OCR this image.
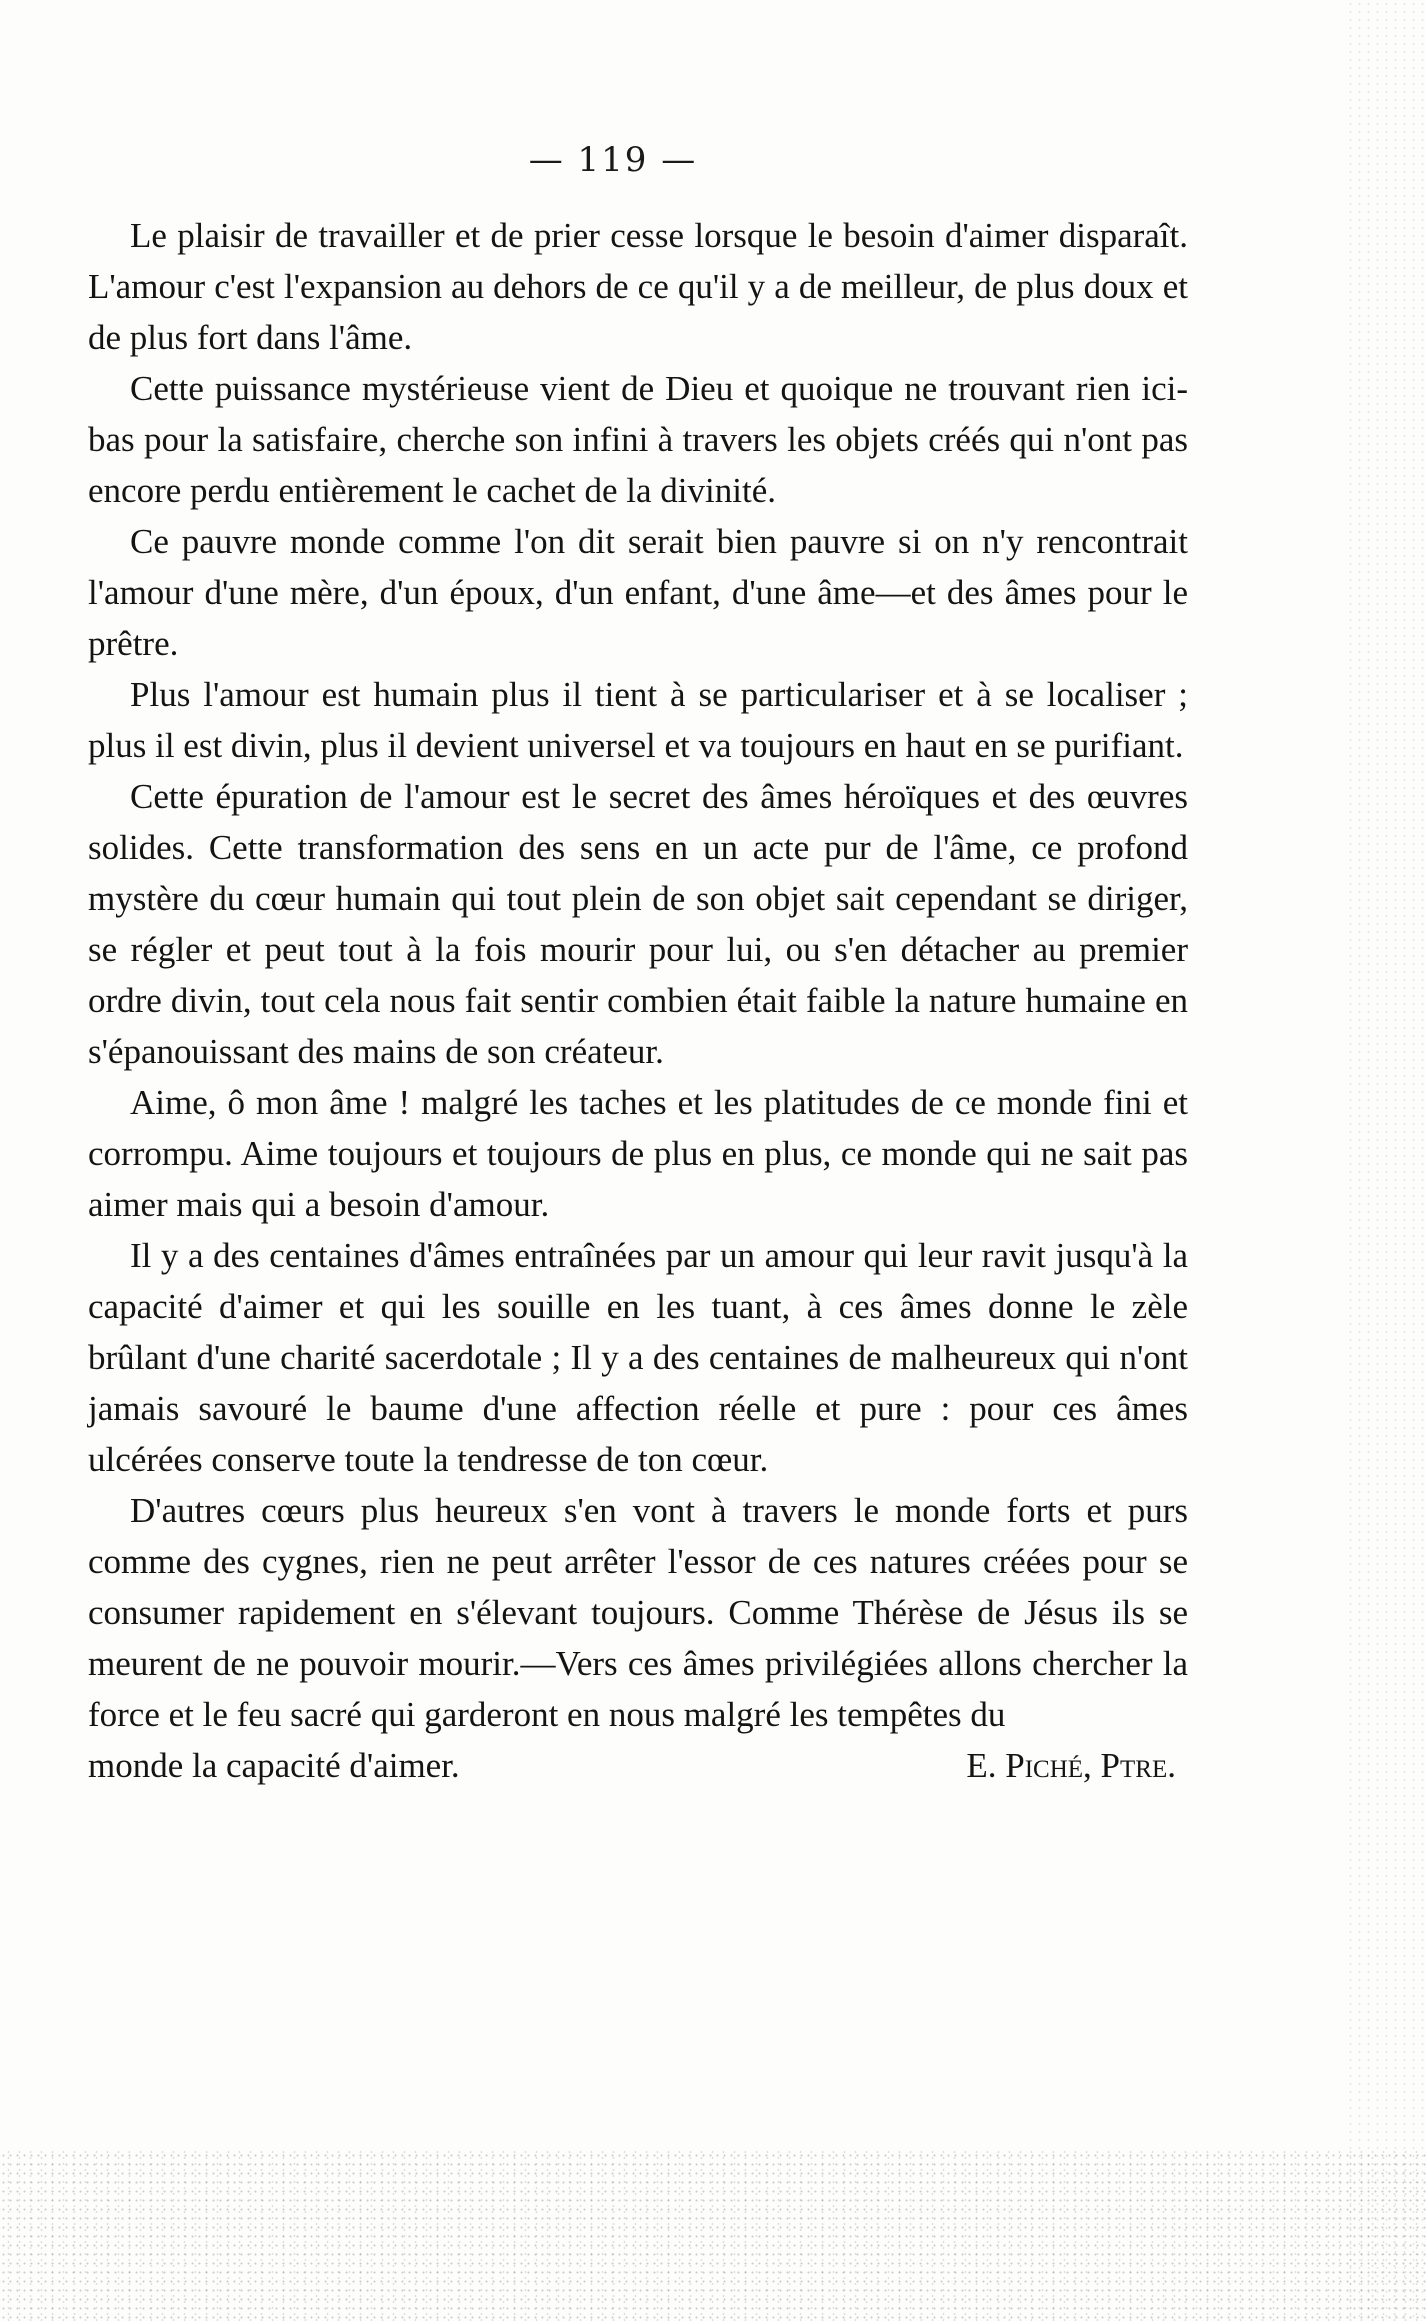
— 119 —

Le plaisir de travailler et de prier cesse lorsque le besoin d'aimer disparaît. L'amour c'est l'expansion au dehors de ce qu'il y a de meilleur, de plus doux et de plus fort dans l'âme.

Cette puissance mystérieuse vient de Dieu et quoique ne trouvant rien ici-bas pour la satisfaire, cherche son infini à travers les objets créés qui n'ont pas encore perdu entièrement le cachet de la divinité.

Ce pauvre monde comme l'on dit serait bien pauvre si on n'y rencontrait l'amour d'une mère, d'un époux, d'un enfant, d'une âme—et des âmes pour le prêtre.

Plus l'amour est humain plus il tient à se particulariser et à se localiser ; plus il est divin, plus il devient universel et va toujours en haut en se purifiant.

Cette épuration de l'amour est le secret des âmes héroïques et des œuvres solides. Cette transformation des sens en un acte pur de l'âme, ce profond mystère du cœur humain qui tout plein de son objet sait cependant se diriger, se régler et peut tout à la fois mourir pour lui, ou s'en détacher au premier ordre divin, tout cela nous fait sentir combien était faible la nature humaine en s'épanouissant des mains de son créateur.

Aime, ô mon âme ! malgré les taches et les platitudes de ce monde fini et corrompu. Aime toujours et toujours de plus en plus, ce monde qui ne sait pas aimer mais qui a besoin d'amour.

Il y a des centaines d'âmes entraînées par un amour qui leur ravit jusqu'à la capacité d'aimer et qui les souille en les tuant, à ces âmes donne le zèle brûlant d'une charité sacerdotale ; Il y a des centaines de malheureux qui n'ont jamais savouré le baume d'une affection réelle et pure : pour ces âmes ulcérées conserve toute la tendresse de ton cœur.

D'autres cœurs plus heureux s'en vont à travers le monde forts et purs comme des cygnes, rien ne peut arrêter l'essor de ces natures créées pour se consumer rapidement en s'élevant toujours. Comme Thérèse de Jésus ils se meurent de ne pouvoir mourir.—Vers ces âmes privilégiées allons chercher la force et le feu sacré qui garderont en nous malgré les tempêtes du

monde la capacité d'aimer.	E. Piché, Ptre.
